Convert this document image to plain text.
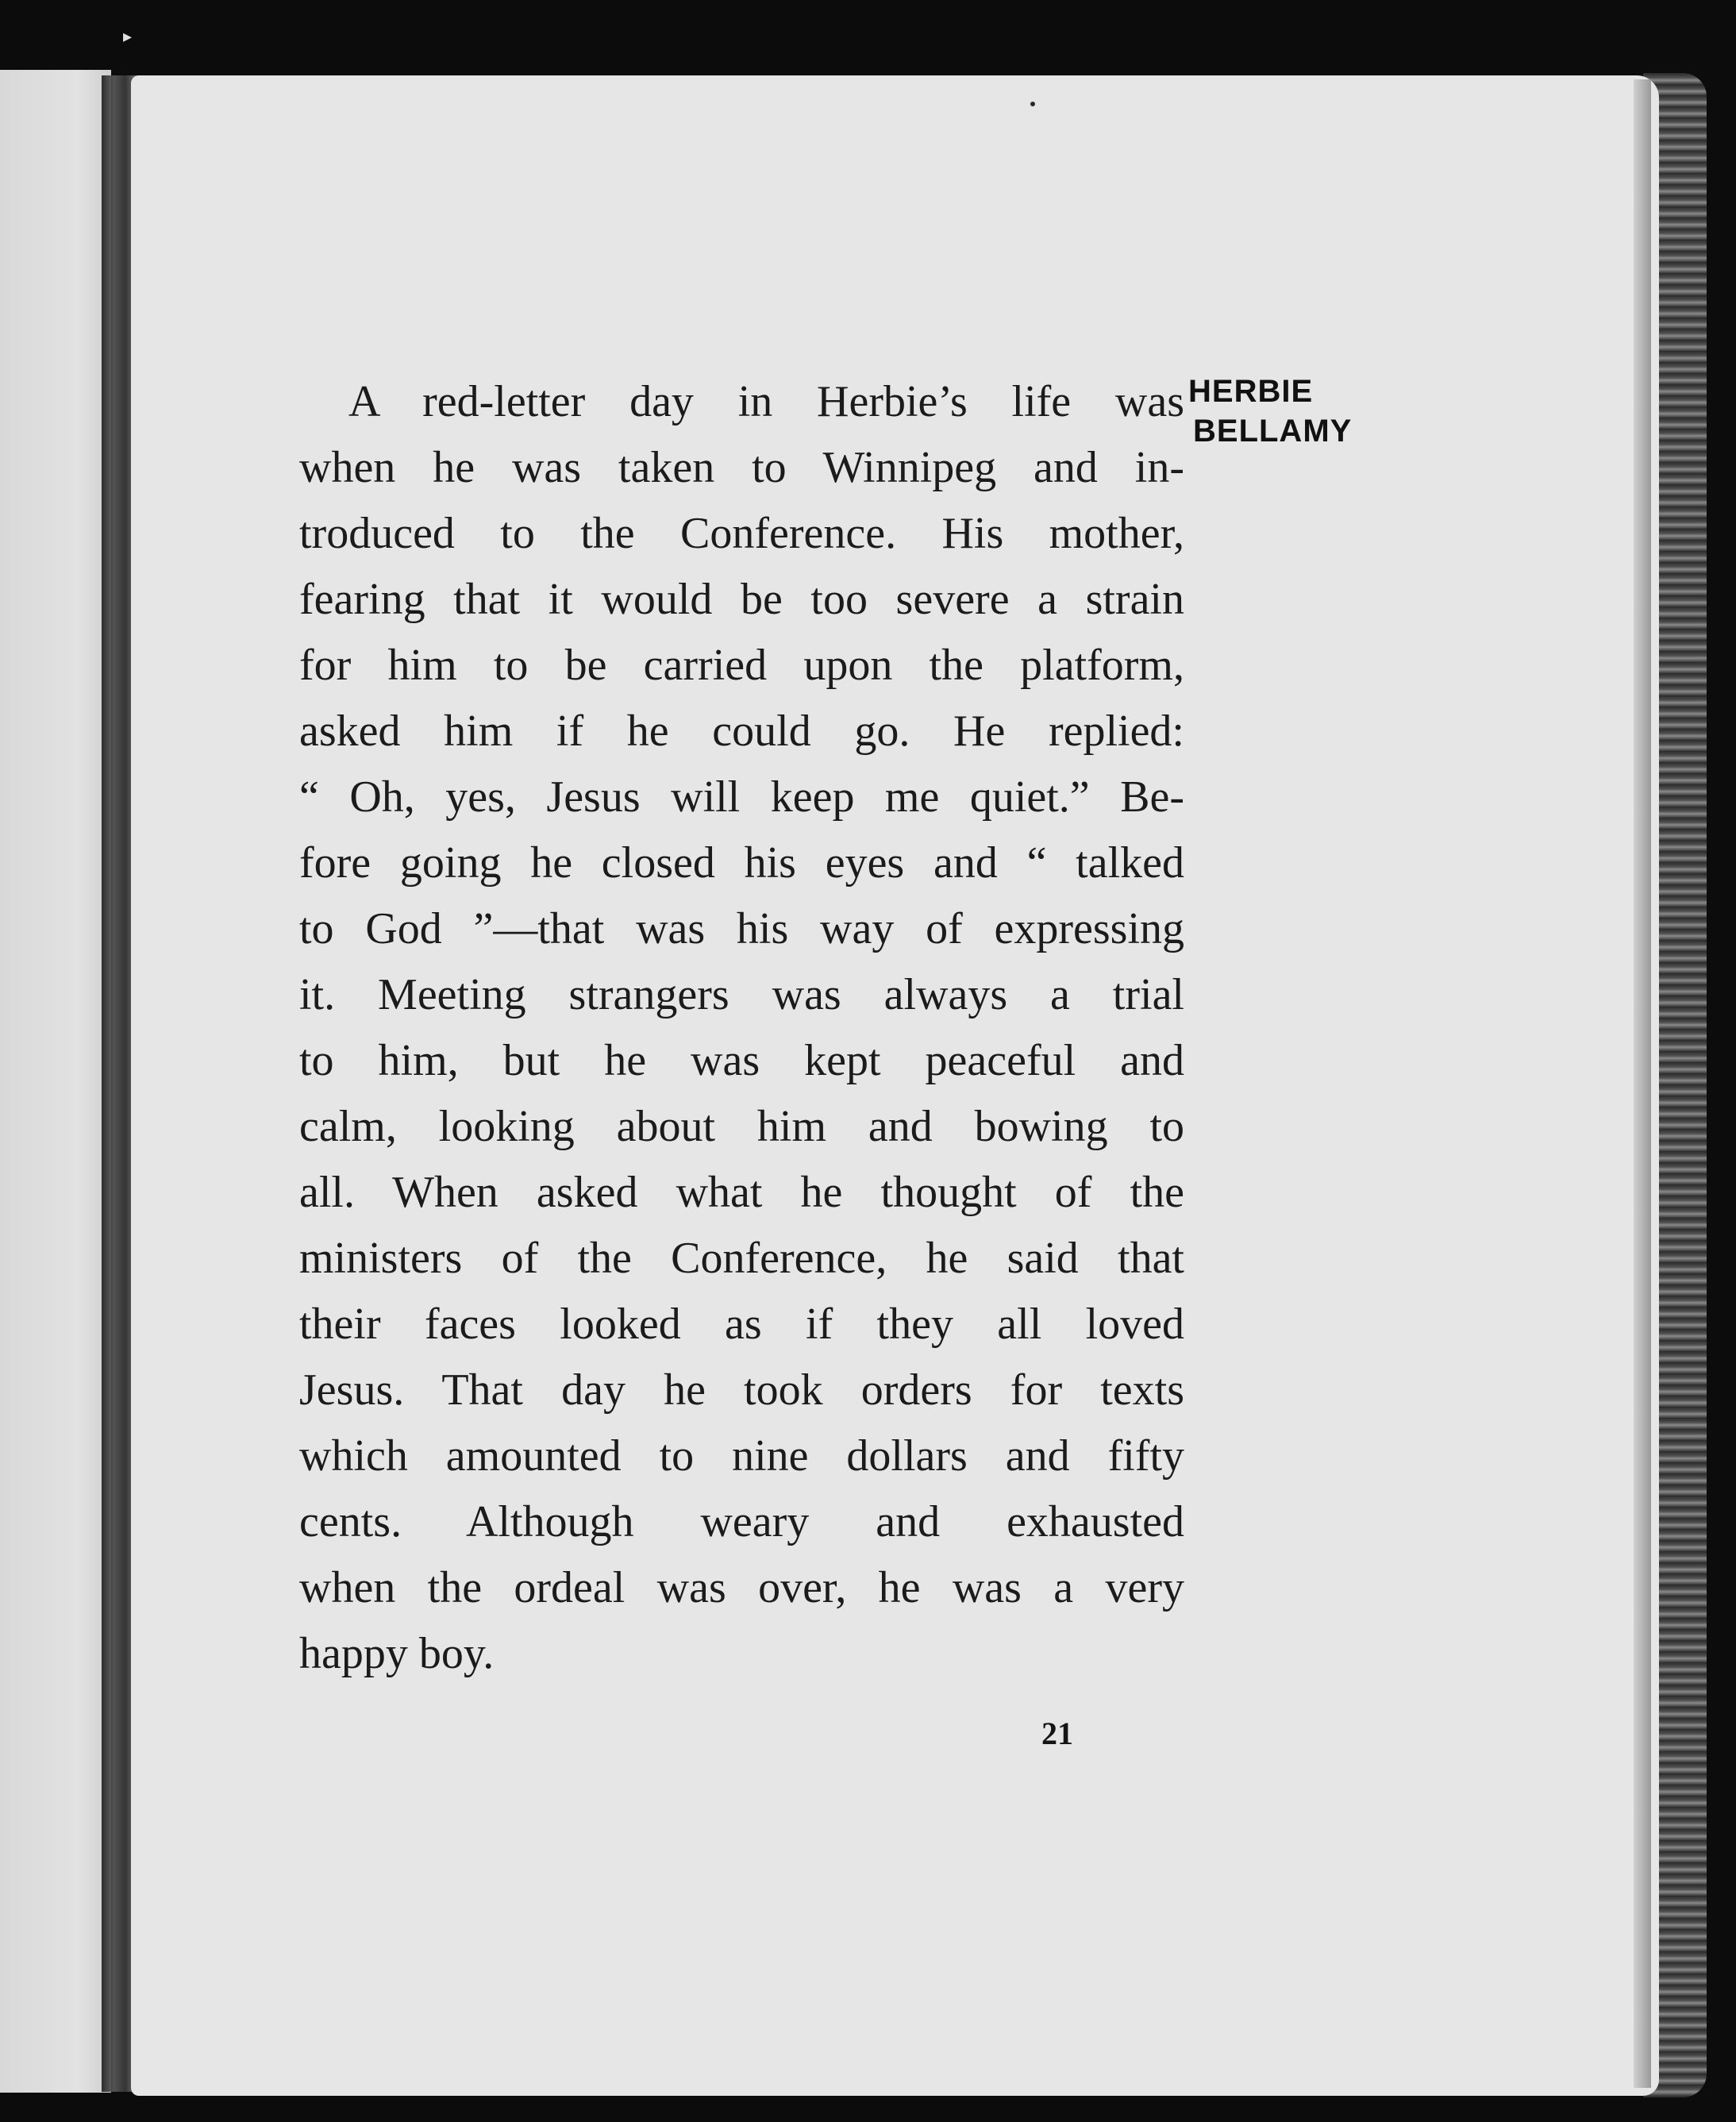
▸
HERBIE
BELLAMY
A red-letter day in Herbie’s life was
when he was taken to Winnipeg and in-
troduced to the Conference. His mother,
fearing that it would be too severe a strain
for him to be carried upon the platform,
asked him if he could go. He replied:
“ Oh, yes, Jesus will keep me quiet.” Be-
fore going he closed his eyes and “ talked
to God ”—that was his way of expressing
it. Meeting strangers was always a trial
to him, but he was kept peaceful and
calm, looking about him and bowing to
all. When asked what he thought of the
ministers of the Conference, he said that
their faces looked as if they all loved
Jesus. That day he took orders for texts
which amounted to nine dollars and fifty
cents. Although weary and exhausted
when the ordeal was over, he was a very
happy boy.
21
